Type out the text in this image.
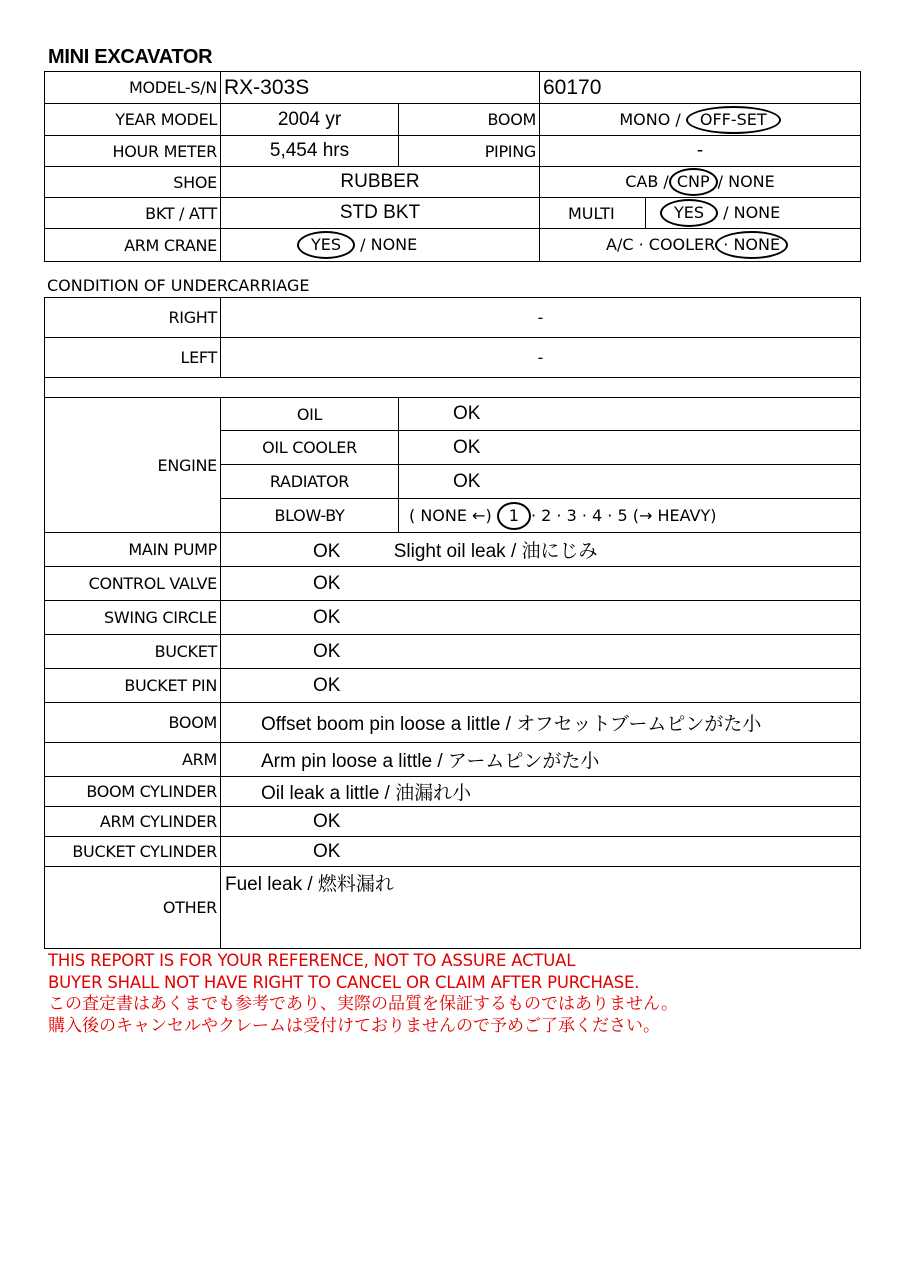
MINI EXCAVATOR
MODEL-S/N	RX-303S		60170	
YEAR MODEL	2004 yr	BOOM	MONO / OFF-SET	
HOUR METER	5,454 hrs	PIPING	-	
SHOE	RUBBER		CAB / CNP / NONE	
BKT / ATT	STD BKT		MULTI	YES / NONE
ARM CRANE	YES / NONE		A/C · COOLER · NONE	
CONDITION OF UNDERCARRIAGE
RIGHT	-	
LEFT	-	

ENGINE	OIL	OK
	OIL COOLER	OK
	RADIATOR	OK
	BLOW-BY	( NONE ←) 1 · 2 · 3 · 4 · 5 (→ HEAVY)
MAIN PUMP	OK Slight oil leak / 油にじみ	
CONTROL VALVE	OK	
SWING CIRCLE	OK	
BUCKET	OK	
BUCKET PIN	OK	
BOOM	Offset boom pin loose a little / オフセットブームピンがた小	
ARM	Arm pin loose a little / アームピンがた小	
BOOM CYLINDER	Oil leak a little / 油漏れ小	
ARM CYLINDER	OK	
BUCKET CYLINDER	OK	
OTHER	Fuel leak / 燃料漏れ	
THIS REPORT IS FOR YOUR REFERENCE, NOT TO ASSURE ACTUAL
BUYER SHALL NOT HAVE RIGHT TO CANCEL OR CLAIM AFTER PURCHASE.
この査定書はあくまでも参考であり、実際の品質を保証するものではありません。
購入後のキャンセルやクレームは受付けておりませんので予めご了承ください。
